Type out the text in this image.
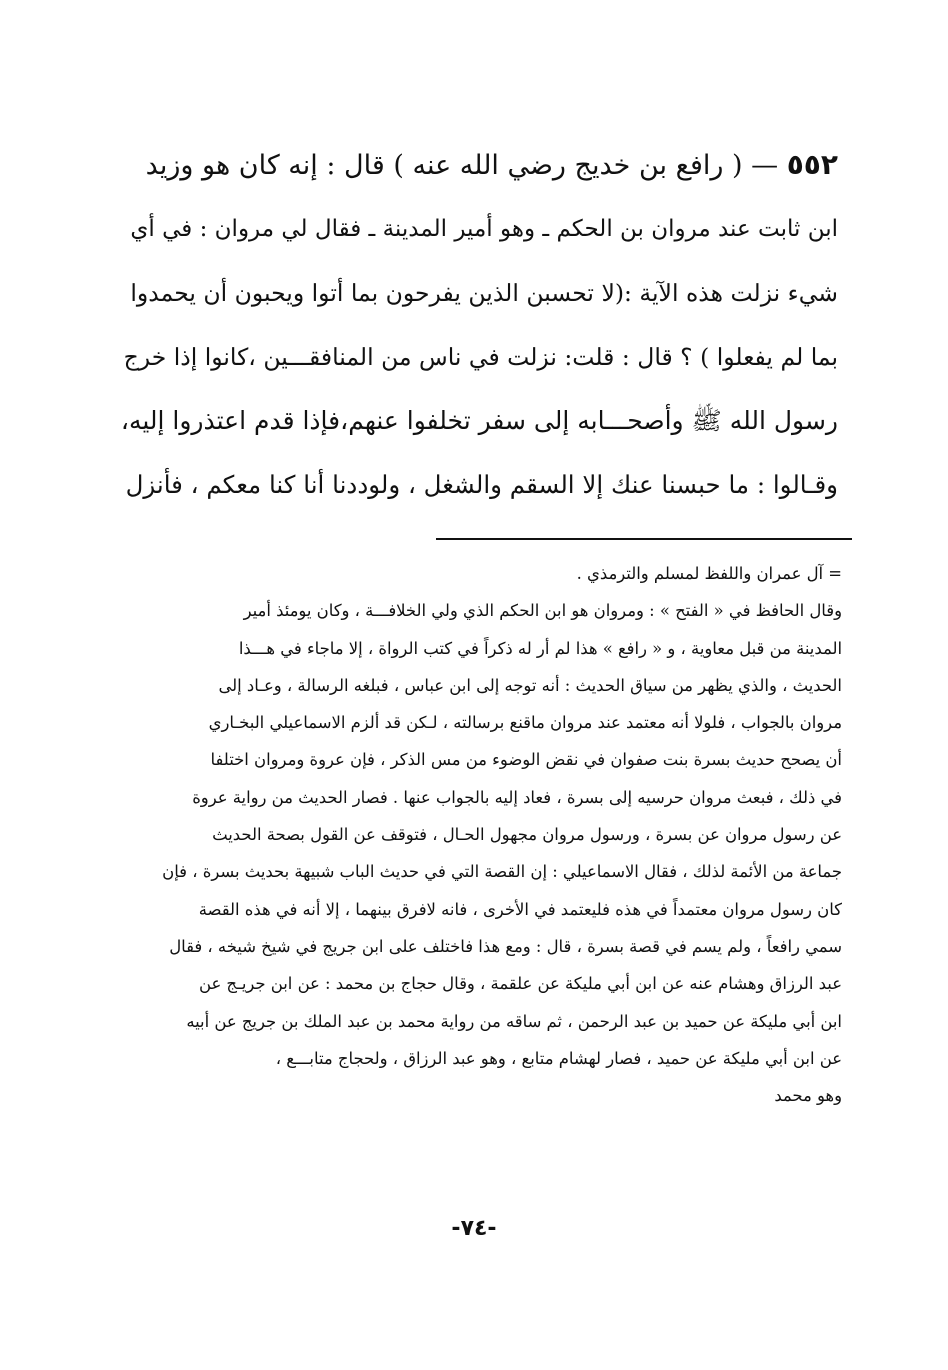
٥٥٢ — ( رافع بن خديج رضي الله عنه ) قال : إنه كان هو وزيد
ابن ثابت عند مروان بن الحكم ـ وهو أمير المدينة ـ فقال لي مروان : في أي
شيء نزلت هذه الآية :(لا تحسبن الذين يفرحون بما أتوا ويحبون أن يحمدوا
بما لم يفعلوا ) ؟ قال : قلت: نزلت في ناس من المنافقـــين ،كانوا إذا خرج
رسول الله ﷺ وأصحـــابه إلى سفر تخلفوا عنهم،فإذا قدم اعتذروا إليه،
وقـالوا : ما حبسنا عنك إلا السقم والشغل ، ولوددنا أنا كنا معكم ، فأنزل
= آل عمران واللفظ لمسلم والترمذي .
وقال الحافظ في « الفتح » : ومروان هو ابن الحكم الذي ولي الخلافـــة ، وكان يومئذ أمير
المدينة من قبل معاوية ، و « رافع » هذا لم أر له ذكراً في كتب الرواة ، إلا ماجاء في هـــذا
الحديث ، والذي يظهر من سياق الحديث : أنه توجه إلى ابن عباس ، فبلغه الرسالة ، وعـاد إلى
مروان بالجواب ، فلولا أنه معتمد عند مروان ماقنع برسالته ، لـكن قد ألزم الاسماعيلي البخـاري
أن يصحح حديث بسرة بنت صفوان في نقض الوضوء من مس الذكر ، فإن عروة ومروان اختلفا
في ذلك ، فبعث مروان حرسيه إلى بسرة ، فعاد إليه بالجواب عنها . فصار الحديث من رواية عروة
عن رسول مروان عن بسرة ، ورسول مروان مجهول الحـال ، فتوقف عن القول بصحة الحديث
جماعة من الأئمة لذلك ، فقال الاسماعيلي : إن القصة التي في حديث الباب شبيهة بحديث بسرة ، فإن
كان رسول مروان معتمداً في هذه فليعتمد في الأخرى ، فانه لافرق بينهما ، إلا أنه في هذه القصة
سمي رافعاً ، ولم يسم في قصة بسرة ، قال : ومع هذا فاختلف على ابن جريج في شيخ شيخه ، فقال
عبد الرزاق وهشام عنه عن ابن أبي مليكة عن علقمة ، وقال حجاج بن محمد : عن ابن جريـج عن
ابن أبي مليكة عن حميد بن عبد الرحمن ، ثم ساقه من رواية محمد بن عبد الملك بن جريج عن أبيه
عن ابن أبي مليكة عن حميد ، فصار لهشام متابع ، وهو عبد الرزاق ، ولحجاج متابـــع ،
وهو محمد
-٧٤-
